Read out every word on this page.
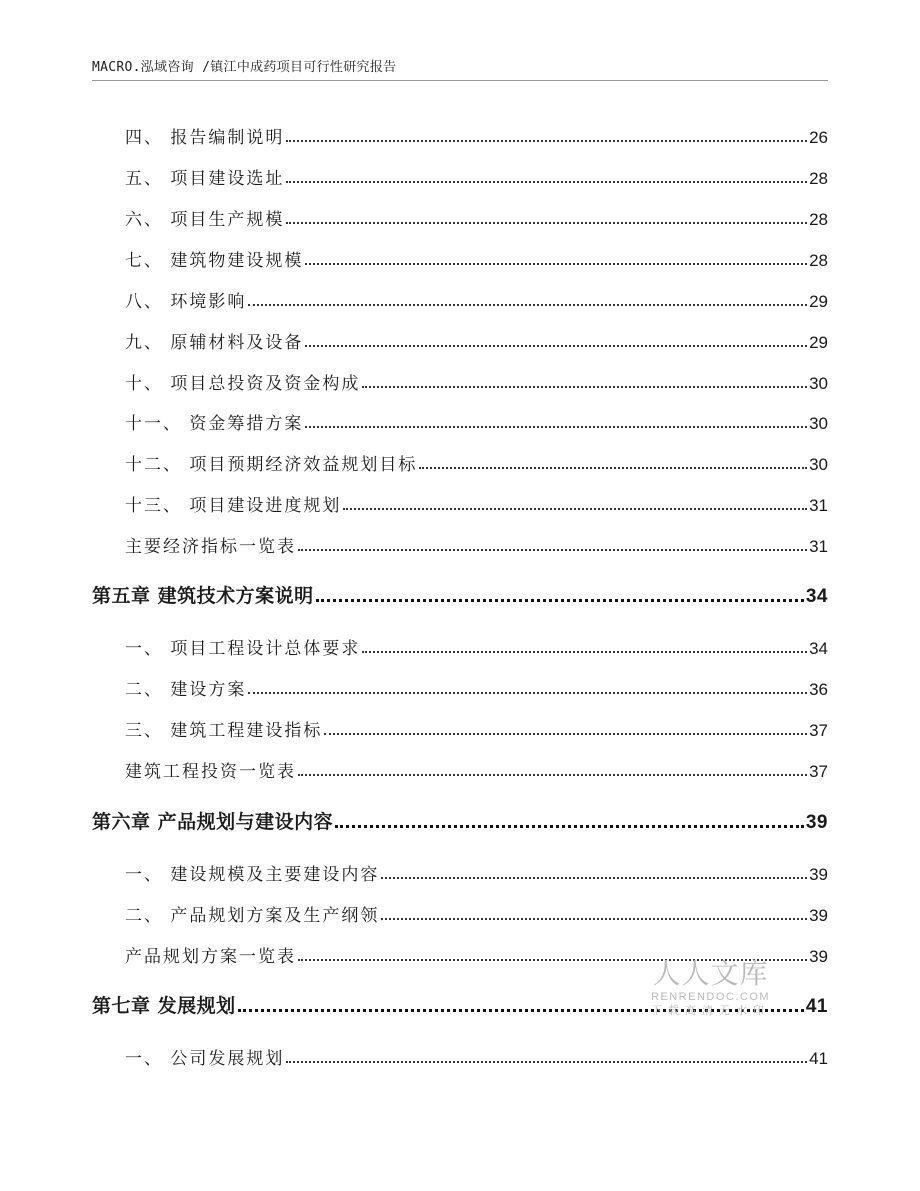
MACRO.泓域咨询 /镇江中成药项目可行性研究报告
四、 报告编制说明	26
五、 项目建设选址	28
六、 项目生产规模	28
七、 建筑物建设规模	28
八、 环境影响	29
九、 原辅材料及设备	29
十、 项目总投资及资金构成	30
十一、 资金筹措方案	30
十二、 项目预期经济效益规划目标	30
十三、 项目建设进度规划	31
主要经济指标一览表	31
第五章 建筑技术方案说明	34
一、 项目工程设计总体要求	34
二、 建设方案	36
三、 建筑工程建设指标	37
建筑工程投资一览表	37
第六章 产品规划与建设内容	39
一、 建设规模及主要建设内容	39
二、 产品规划方案及生产纲领	39
产品规划方案一览表	39
第七章 发展规划	41
一、 公司发展规划	41
人人文库
RENRENDOC.COM
下载高清无水印
